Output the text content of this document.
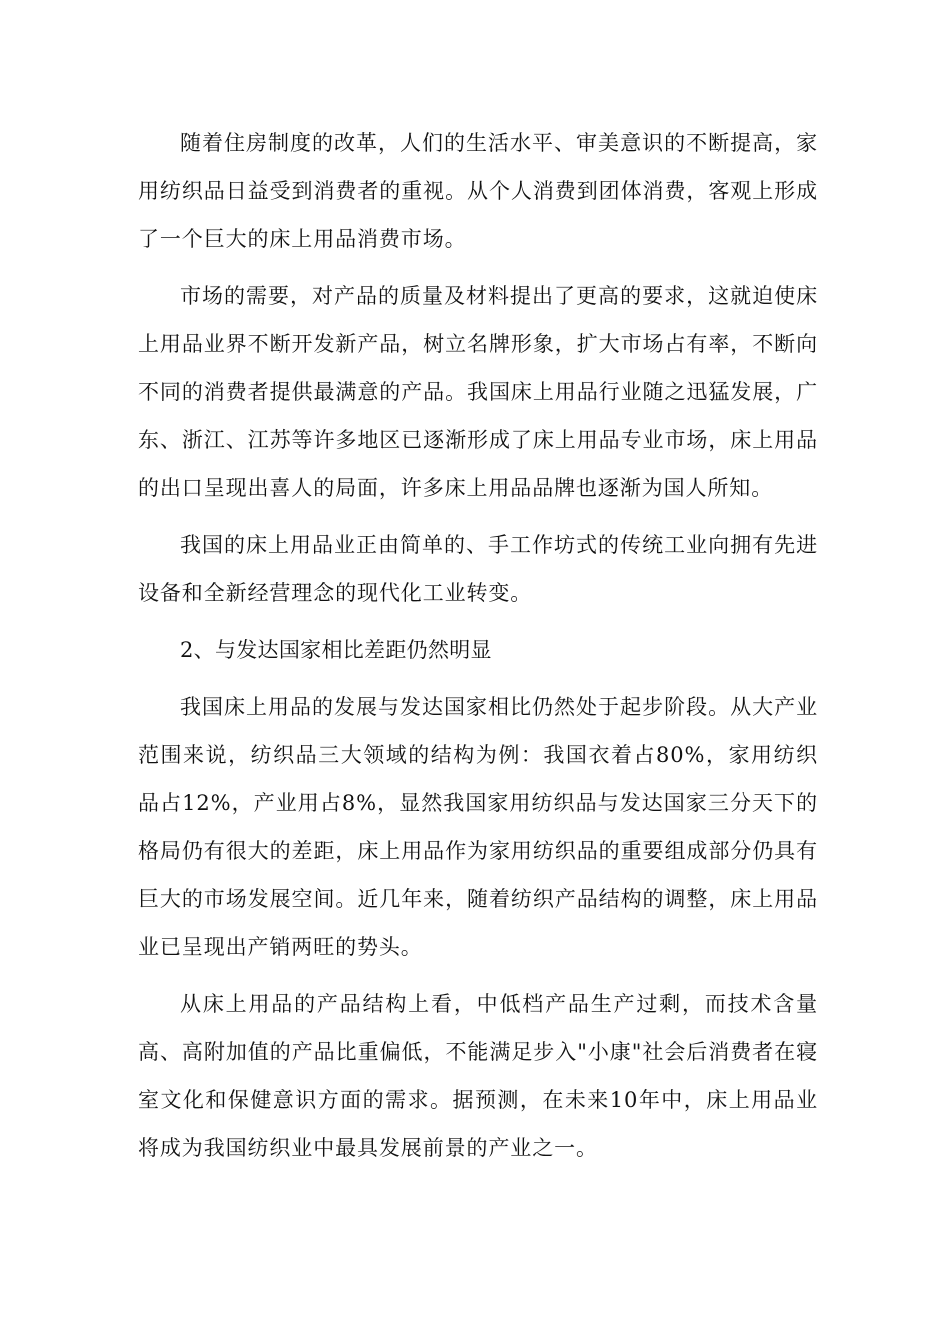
随着住房制度的改革，人们的生活水平、审美意识的不断提高，家用纺织品日益受到消费者的重视。从个人消费到团体消费，客观上形成了一个巨大的床上用品消费市场。

市场的需要，对产品的质量及材料提出了更高的要求，这就迫使床上用品业界不断开发新产品，树立名牌形象，扩大市场占有率，不断向不同的消费者提供最满意的产品。我国床上用品行业随之迅猛发展，广东、浙江、江苏等许多地区已逐渐形成了床上用品专业市场，床上用品的出口呈现出喜人的局面，许多床上用品品牌也逐渐为国人所知。

我国的床上用品业正由简单的、手工作坊式的传统工业向拥有先进设备和全新经营理念的现代化工业转变。

2、与发达国家相比差距仍然明显

我国床上用品的发展与发达国家相比仍然处于起步阶段。从大产业范围来说，纺织品三大领域的结构为例：我国衣着占80%，家用纺织品占12%，产业用占8%，显然我国家用纺织品与发达国家三分天下的格局仍有很大的差距，床上用品作为家用纺织品的重要组成部分仍具有巨大的市场发展空间。近几年来，随着纺织产品结构的调整，床上用品业已呈现出产销两旺的势头。

从床上用品的产品结构上看，中低档产品生产过剩，而技术含量高、高附加值的产品比重偏低，不能满足步入"小康"社会后消费者在寝室文化和保健意识方面的需求。据预测，在未来10年中，床上用品业将成为我国纺织业中最具发展前景的产业之一。
